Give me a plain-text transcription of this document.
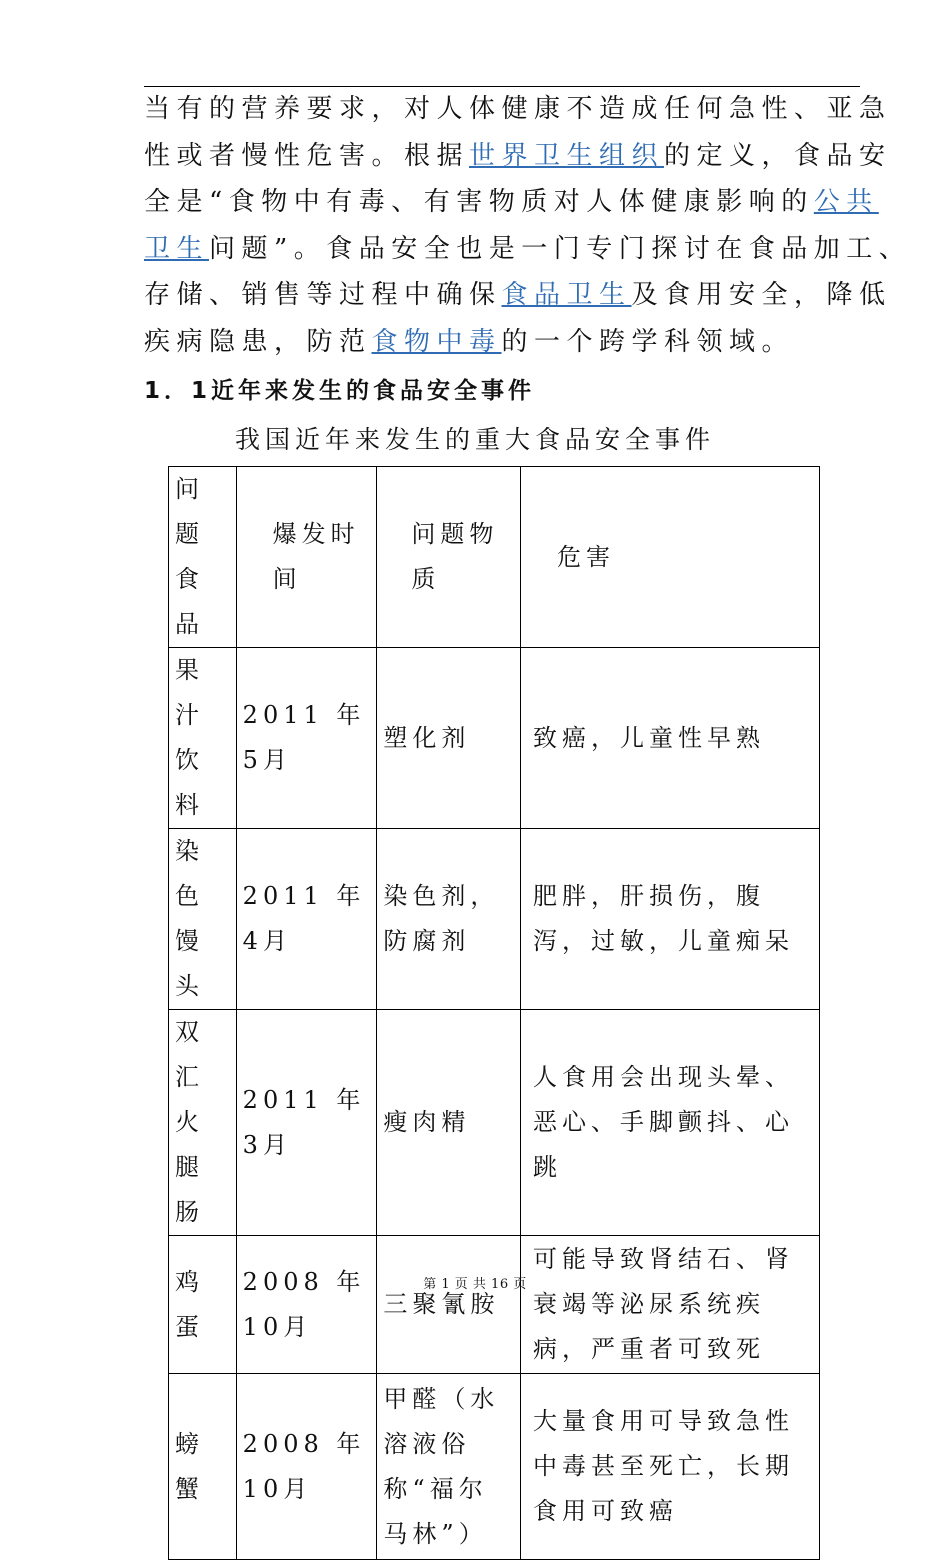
当有的营养要求，对人体健康不造成任何急性、亚急
性或者慢性危害。根据世界卫生组织的定义，食品安
全是“食物中有毒、有害物质对人体健康影响的公共
卫生问题”。食品安全也是一门专门探讨在食品加工、
存储、销售等过程中确保食品卫生及食用安全，降低
疾病隐患，防范食物中毒的一个跨学科领域。
1．1近年来发生的食品安全事件

我国近年来发生的重大食品安全事件

问题食品	爆发时间	问题物质	危害
果汁饮料	2011 年5月	塑化剂	致癌，儿童性早熟
染色馒头	2011 年 4月	染色剂，防腐剂	肥胖，肝损伤，腹泻，过敏，儿童痴呆
双汇火腿肠	2011 年 3月	瘦肉精	人食用会出现头晕、恶心、手脚颤抖、心跳
鸡蛋	2008 年10月	三聚氰胺	可能导致肾结石、肾衰竭等泌尿系统疾病，严重者可致死
螃蟹	2008 年10月	甲醛（水溶液俗称“福尔马林”）	大量食用可导致急性中毒甚至死亡，长期食用可致癌

第 1 页 共 16 页
